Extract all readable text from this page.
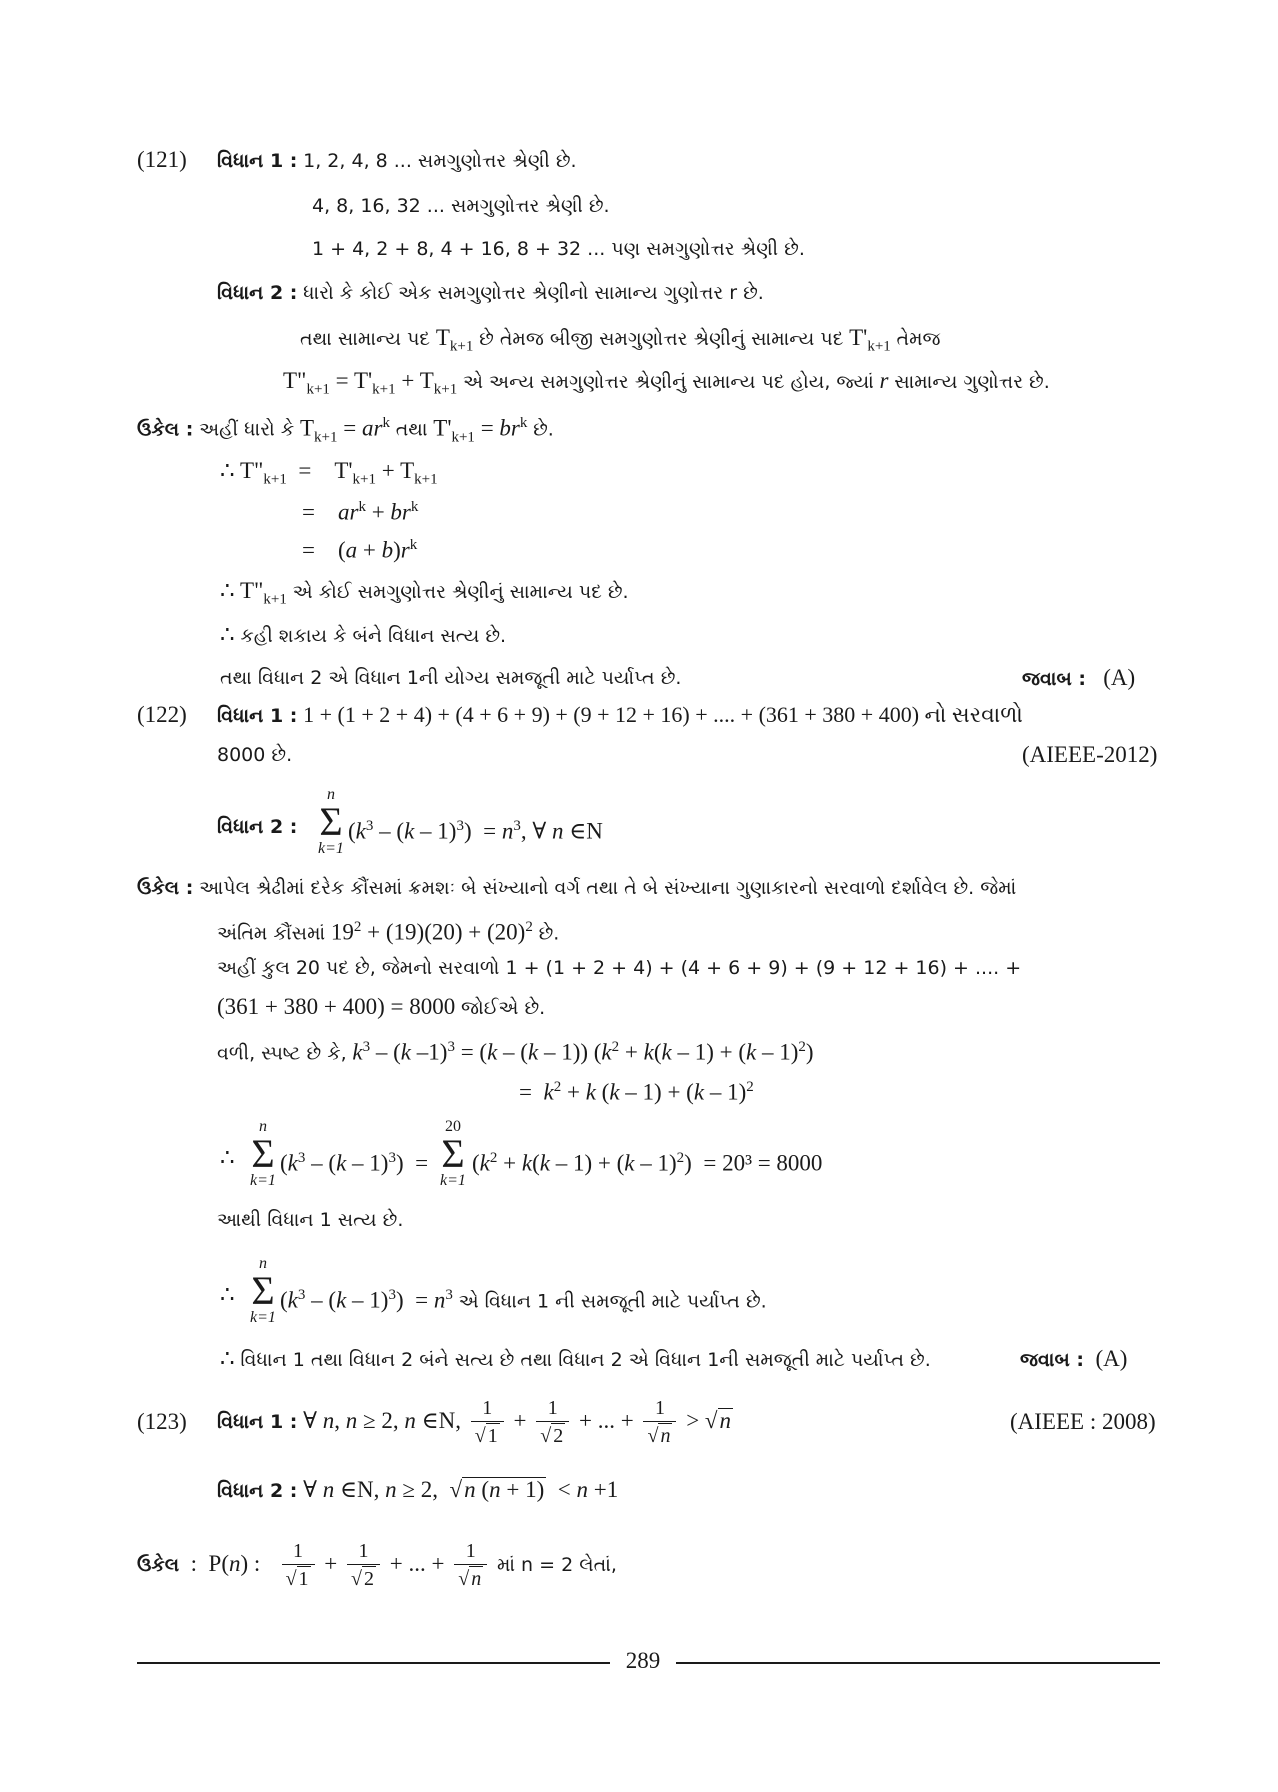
(121) વિધાન 1 : 1, 2, 4, 8 ... સમગુણોત્તર શ્રેણી છે.
4, 8, 16, 32 ... સમગુણોત્તર શ્રેણી છે.
1 + 4, 2 + 8, 4 + 16, 8 + 32 ... પણ સમગુણોત્તર શ્રેણી છે.
વિધાન 2 : ધારો કે કોઈ એક સમગુણોત્તર શ્રેણીનો સામાન્ય ગુણોત્તર r છે.
તથા સામાન્ય પદ $T_{k+1}$ છે તેમજ બીજી સમગુણોત્તર શ્રેણીનું સામાન્ય પદ $T'_{k+1}$ તેમજ
$T"_{k+1} = T'_{k+1} + T_{k+1}$ એ અન્ય સમગુણોત્તર શ્રેણીનું સામાન્ય પદ હોય, જ્યાં r સામાન્ય ગુણોત્તર છે.
ઉકેલ : અહીં ધારો કે $T_{k+1} = ar^k$ તથા $T'_{k+1} = br^k$ છે.
∴ $T"_{k+1}$  =    $T'_{k+1} + T_{k+1}$
=    $ar^k + br^k$
=    $(a + b)r^k$
∴ $T"_{k+1}$ એ કોઈ સમગુણોત્તર શ્રેણીનું સામાન્ય પદ છે.
∴ કહી શકાય કે બંને વિધાન સત્ય છે.
તથા વિધાન 2 એ વિધાન 1ની યોગ્ય સમજૂતી માટે પર્યાપ્ત છે.	જવાબ : (A)
(122) વિધાન 1 : 1 + (1 + 2 + 4) + (4 + 6 + 9) + (9 + 12 + 16) + .... + (361 + 380 + 400) નો સરવાળો
8000 છે.	(AIEEE-2012)
વિધાન 2 :
n
Σ
k=1
$(k^3 - (k - 1)^3) = n^3$, ∀ n ∈N
ઉકેલ : આપેલ શ્રેઢીમાં દરેક કૌંસમાં ક્રમશઃ બે સંખ્યાનો વર્ગ તથા તે બે સંખ્યાના ગુણાકારનો સરવાળો દર્શાવેલ છે. જેમાં
અંતિમ કૌંસમાં $19^2 + (19)(20) + (20)^2$ છે.
અહીં કુલ 20 પદ છે, જેમનો સરવાળો 1 + (1 + 2 + 4) + (4 + 6 + 9) + (9 + 12 + 16) + .... +
(361 + 380 + 400) = 8000 જોઈએ છે.
વળી, સ્પષ્ટ છે કે, $k^3 - (k$ –1)$^3$ = (k – (k – 1)) $(k^2 + k(k - 1) + (k - 1)^2)$
=  $k^2 + k$ (k – 1) + (k – 1)$^2$
∴
n
Σ
k=1
$(k^3 - (k - 1)^3)$  =
20
Σ
k=1
$(k^2 + k(k - 1) + (k - 1)^2) = 20^3 = 8000$
આથી વિધાન 1 સત્ય છે.
∴
n
Σ
k=1
$(k^3 - (k - 1)^3) = n^3$ એ વિધાન 1 ની સમજૂતી માટે પર્યાપ્ત છે.
∴ વિધાન 1 તથા વિધાન 2 બંને સત્ય છે તથા વિધાન 2 એ વિધાન 1ની સમજૂતી માટે પર્યાપ્ત છે.	જવાબ : (A)
(123) વિધાન 1 : ∀ n, n ≥ 2, n ∈N, $\frac{1}{√ 1} + \frac{1}{√ 2}$ + ... + $\frac{1}{√ n} > √n$	(AIEEE : 2008)
વિધાન 2 : ∀ n ∈N, n ≥ 2,  √n (n + 1)  < n +1
ઉકેલ  :  P(n) : $\frac{1}{√ 1} + \frac{1}{√ 2}$ + ... + $\frac{1}{√ n}$ માં n = 2 લેતાં,
289
